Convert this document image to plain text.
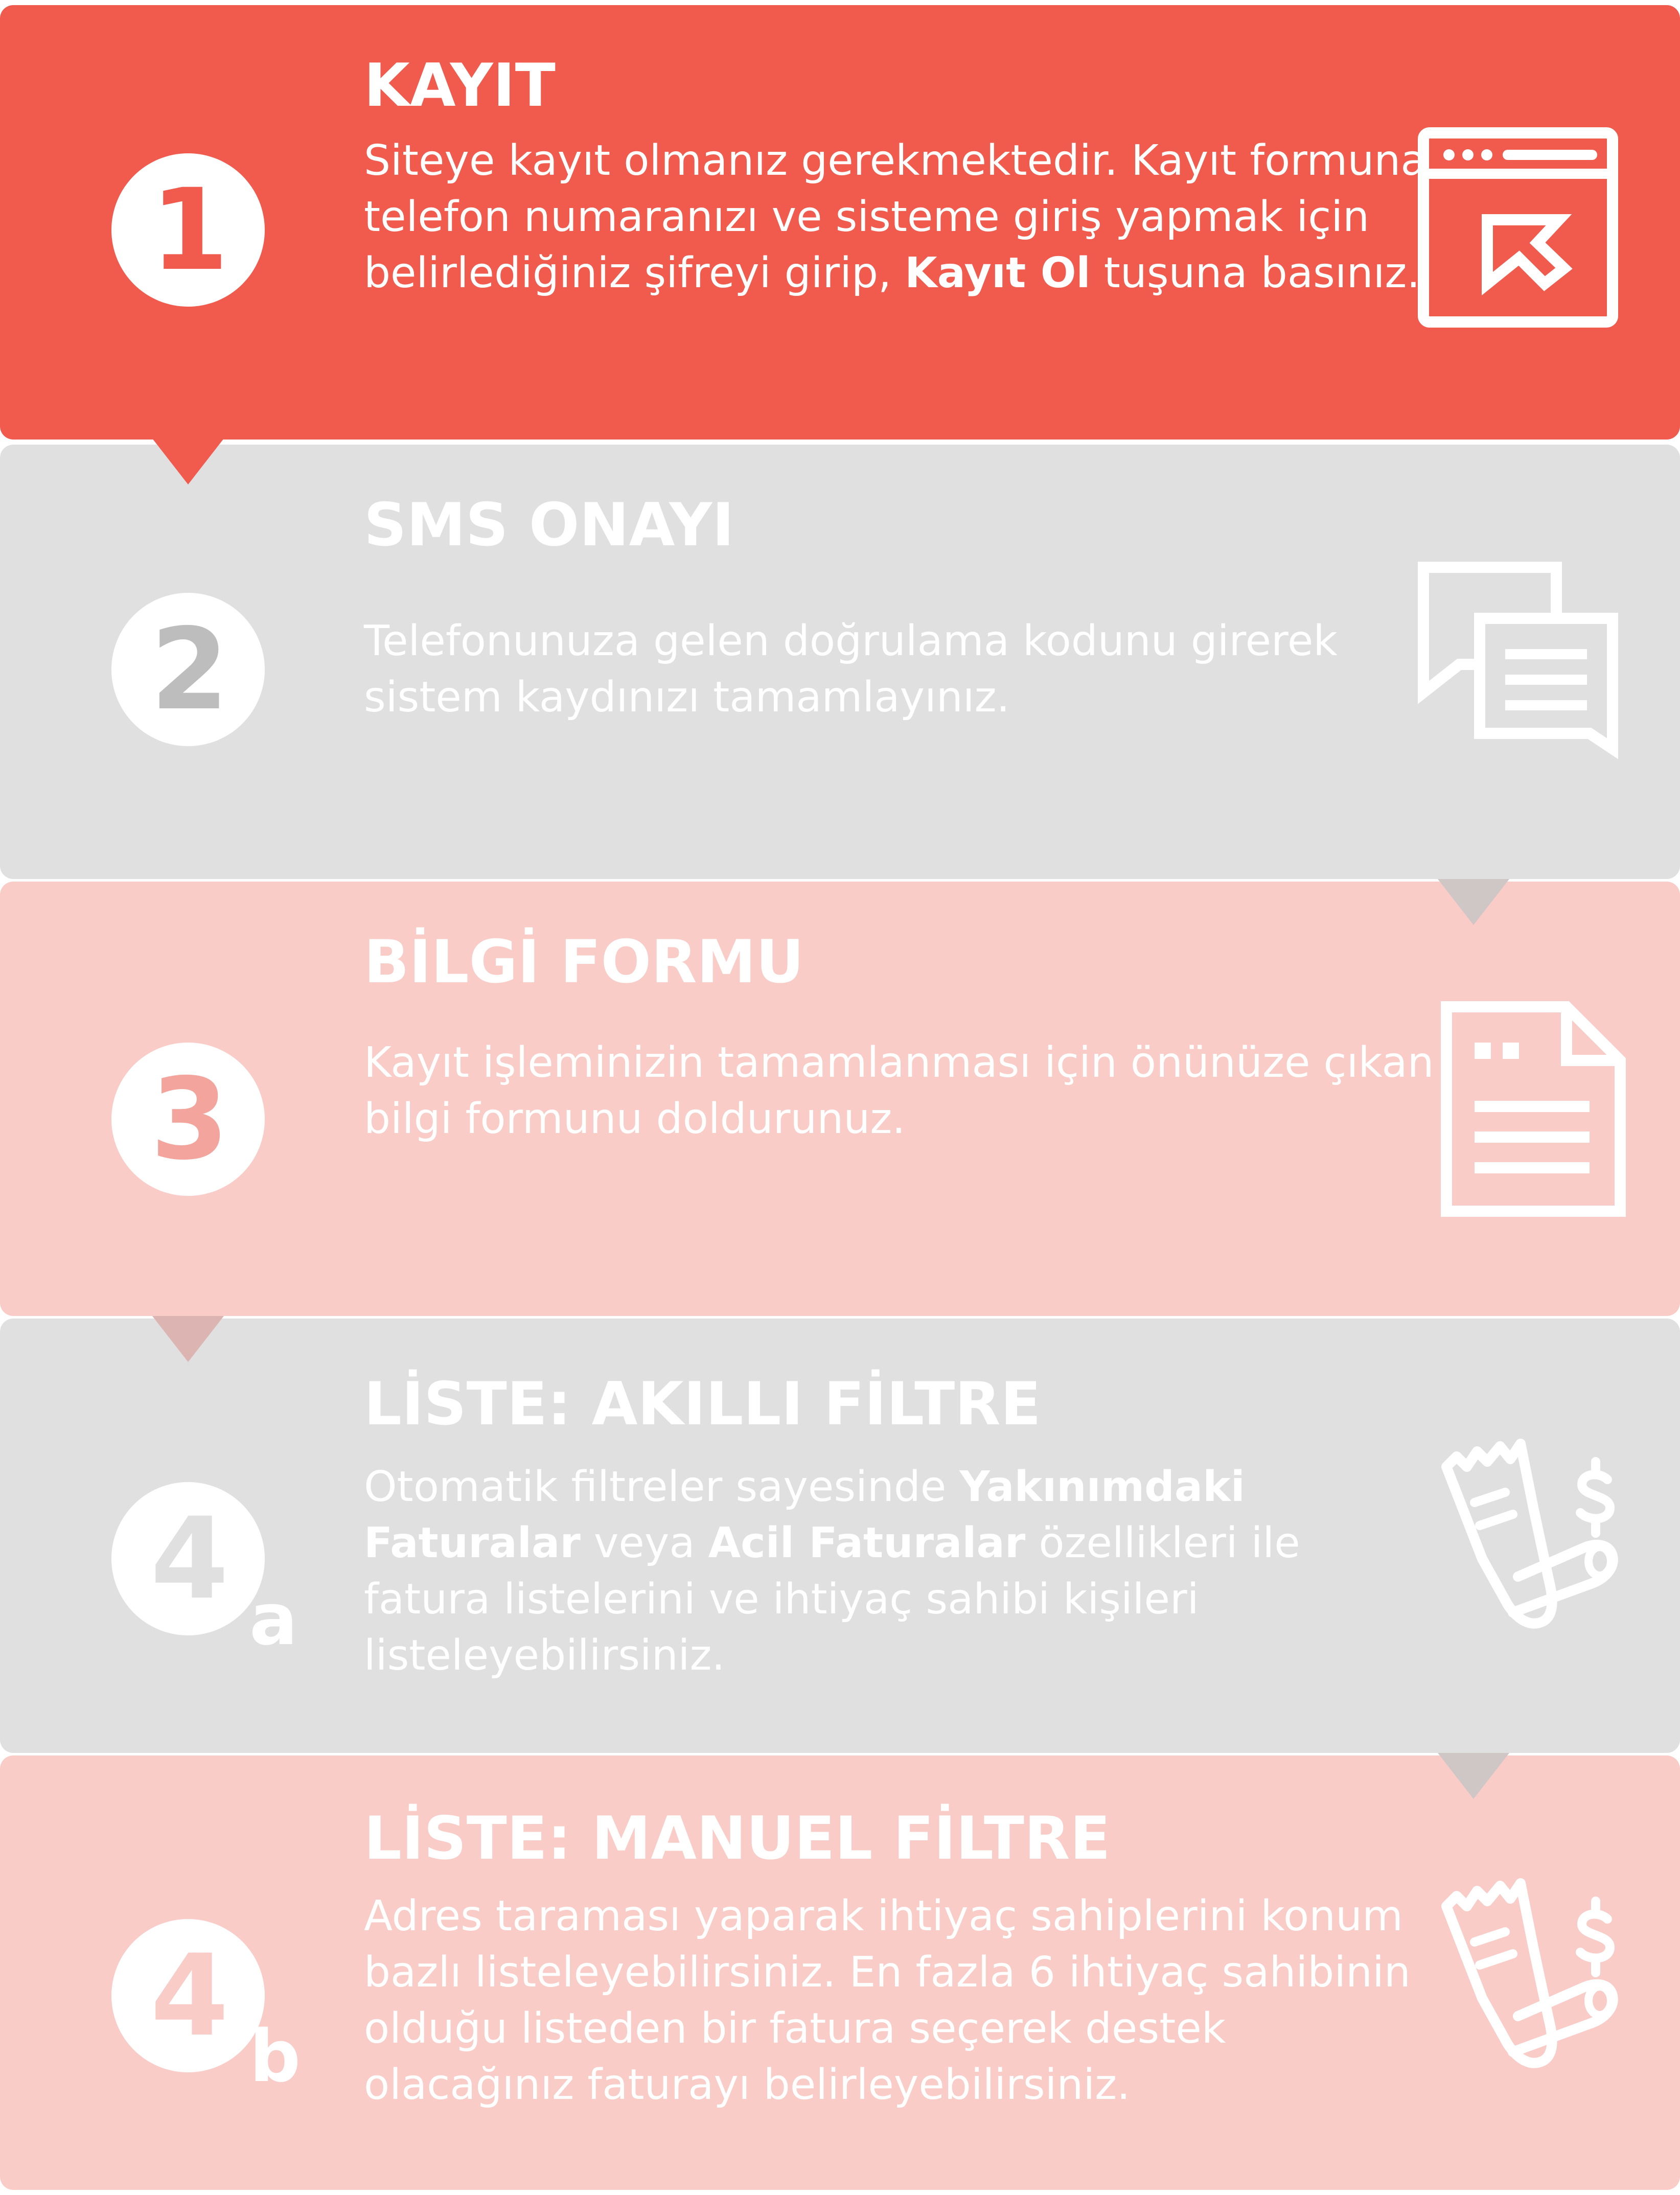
1
KAYIT

Siteye kayıt olmanız gerekmektedir. Kayıt formuna telefon numaranızı ve sisteme giriş yapmak için belirlediğiniz şifreyi girip, Kayıt Ol tuşuna basınız.

2
SMS ONAYI

Telefonunuza gelen doğrulama kodunu girerek sistem kaydınızı tamamlayınız.

3
BİLGİ FORMU

Kayıt işleminizin tamamlanması için önünüze çıkan bilgi formunu doldurunuz.

4 a
LİSTE: AKILLI FİLTRE

Otomatik filtreler sayesinde Yakınımdaki Faturalar veya Acil Faturalar özellikleri ile fatura listelerini ve ihtiyaç sahibi kişileri listeleyebilirsiniz.

4 b
LİSTE: MANUEL FİLTRE

Adres taraması yaparak ihtiyaç sahiplerini konum bazlı listeleyebilirsiniz. En fazla 6 ihtiyaç sahibinin olduğu listeden bir fatura seçerek destek olacağınız faturayı belirleyebilirsiniz.
